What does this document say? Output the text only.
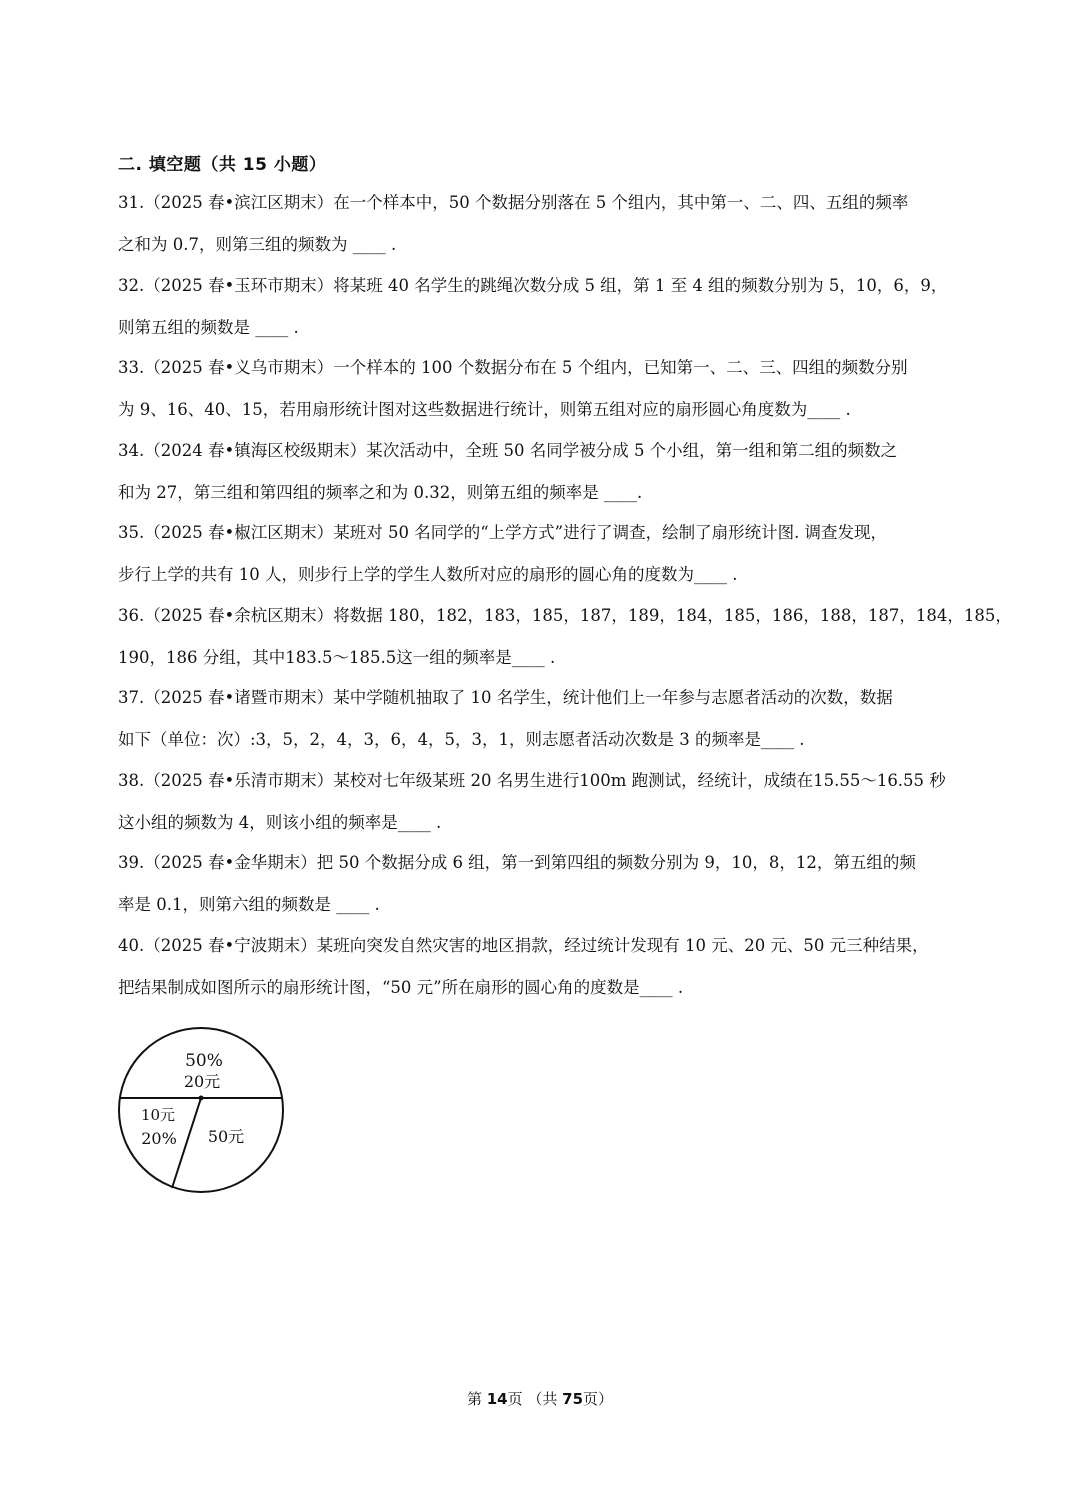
二. 填空题（共 15 小题）
31.（2025 春•滨江区期末）在一个样本中，50 个数据分别落在 5 个组内，其中第一、二、四、五组的频率
之和为 0.7，则第三组的频数为 ____ .
32.（2025 春•玉环市期末）将某班 40 名学生的跳绳次数分成 5 组，第 1 至 4 组的频数分别为 5，10，6，9，
则第五组的频数是 ____ .
33.（2025 春•义乌市期末）一个样本的 100 个数据分布在 5 个组内，已知第一、二、三、四组的频数分别
为 9、16、40、15，若用扇形统计图对这些数据进行统计，则第五组对应的扇形圆心角度数为____ .
34.（2024 春•镇海区校级期末）某次活动中，全班 50 名同学被分成 5 个小组，第一组和第二组的频数之
和为 27，第三组和第四组的频率之和为 0.32，则第五组的频率是 ____.
35.（2025 春•椒江区期末）某班对 50 名同学的“上学方式”进行了调查，绘制了扇形统计图. 调查发现，
步行上学的共有 10 人，则步行上学的学生人数所对应的扇形的圆心角的度数为____ .
36.（2025 春•余杭区期末）将数据 180，182，183，185，187，189，184，185，186，188，187，184，185，
190，186 分组，其中183.5～185.5这一组的频率是____ .
37.（2025 春•诸暨市期末）某中学随机抽取了 10 名学生，统计他们上一年参与志愿者活动的次数，数据
如下（单位：次）:3，5，2，4，3，6，4，5，3，1，则志愿者活动次数是 3 的频率是____ .
38.（2025 春•乐清市期末）某校对七年级某班 20 名男生进行100m 跑测试，经统计，成绩在15.55～16.55 秒
这小组的频数为 4，则该小组的频率是____ .
39.（2025 春•金华期末）把 50 个数据分成 6 组，第一到第四组的频数分别为 9，10，8，12，第五组的频
率是 0.1，则第六组的频数是 ____ .
40.（2025 春•宁波期末）某班向突发自然灾害的地区捐款，经过统计发现有 10 元、20 元、50 元三种结果，
把结果制成如图所示的扇形统计图，“50 元”所在扇形的圆心角的度数是____ .
50%
20元
10元
20% 50元
第 14页 （共 75页）
